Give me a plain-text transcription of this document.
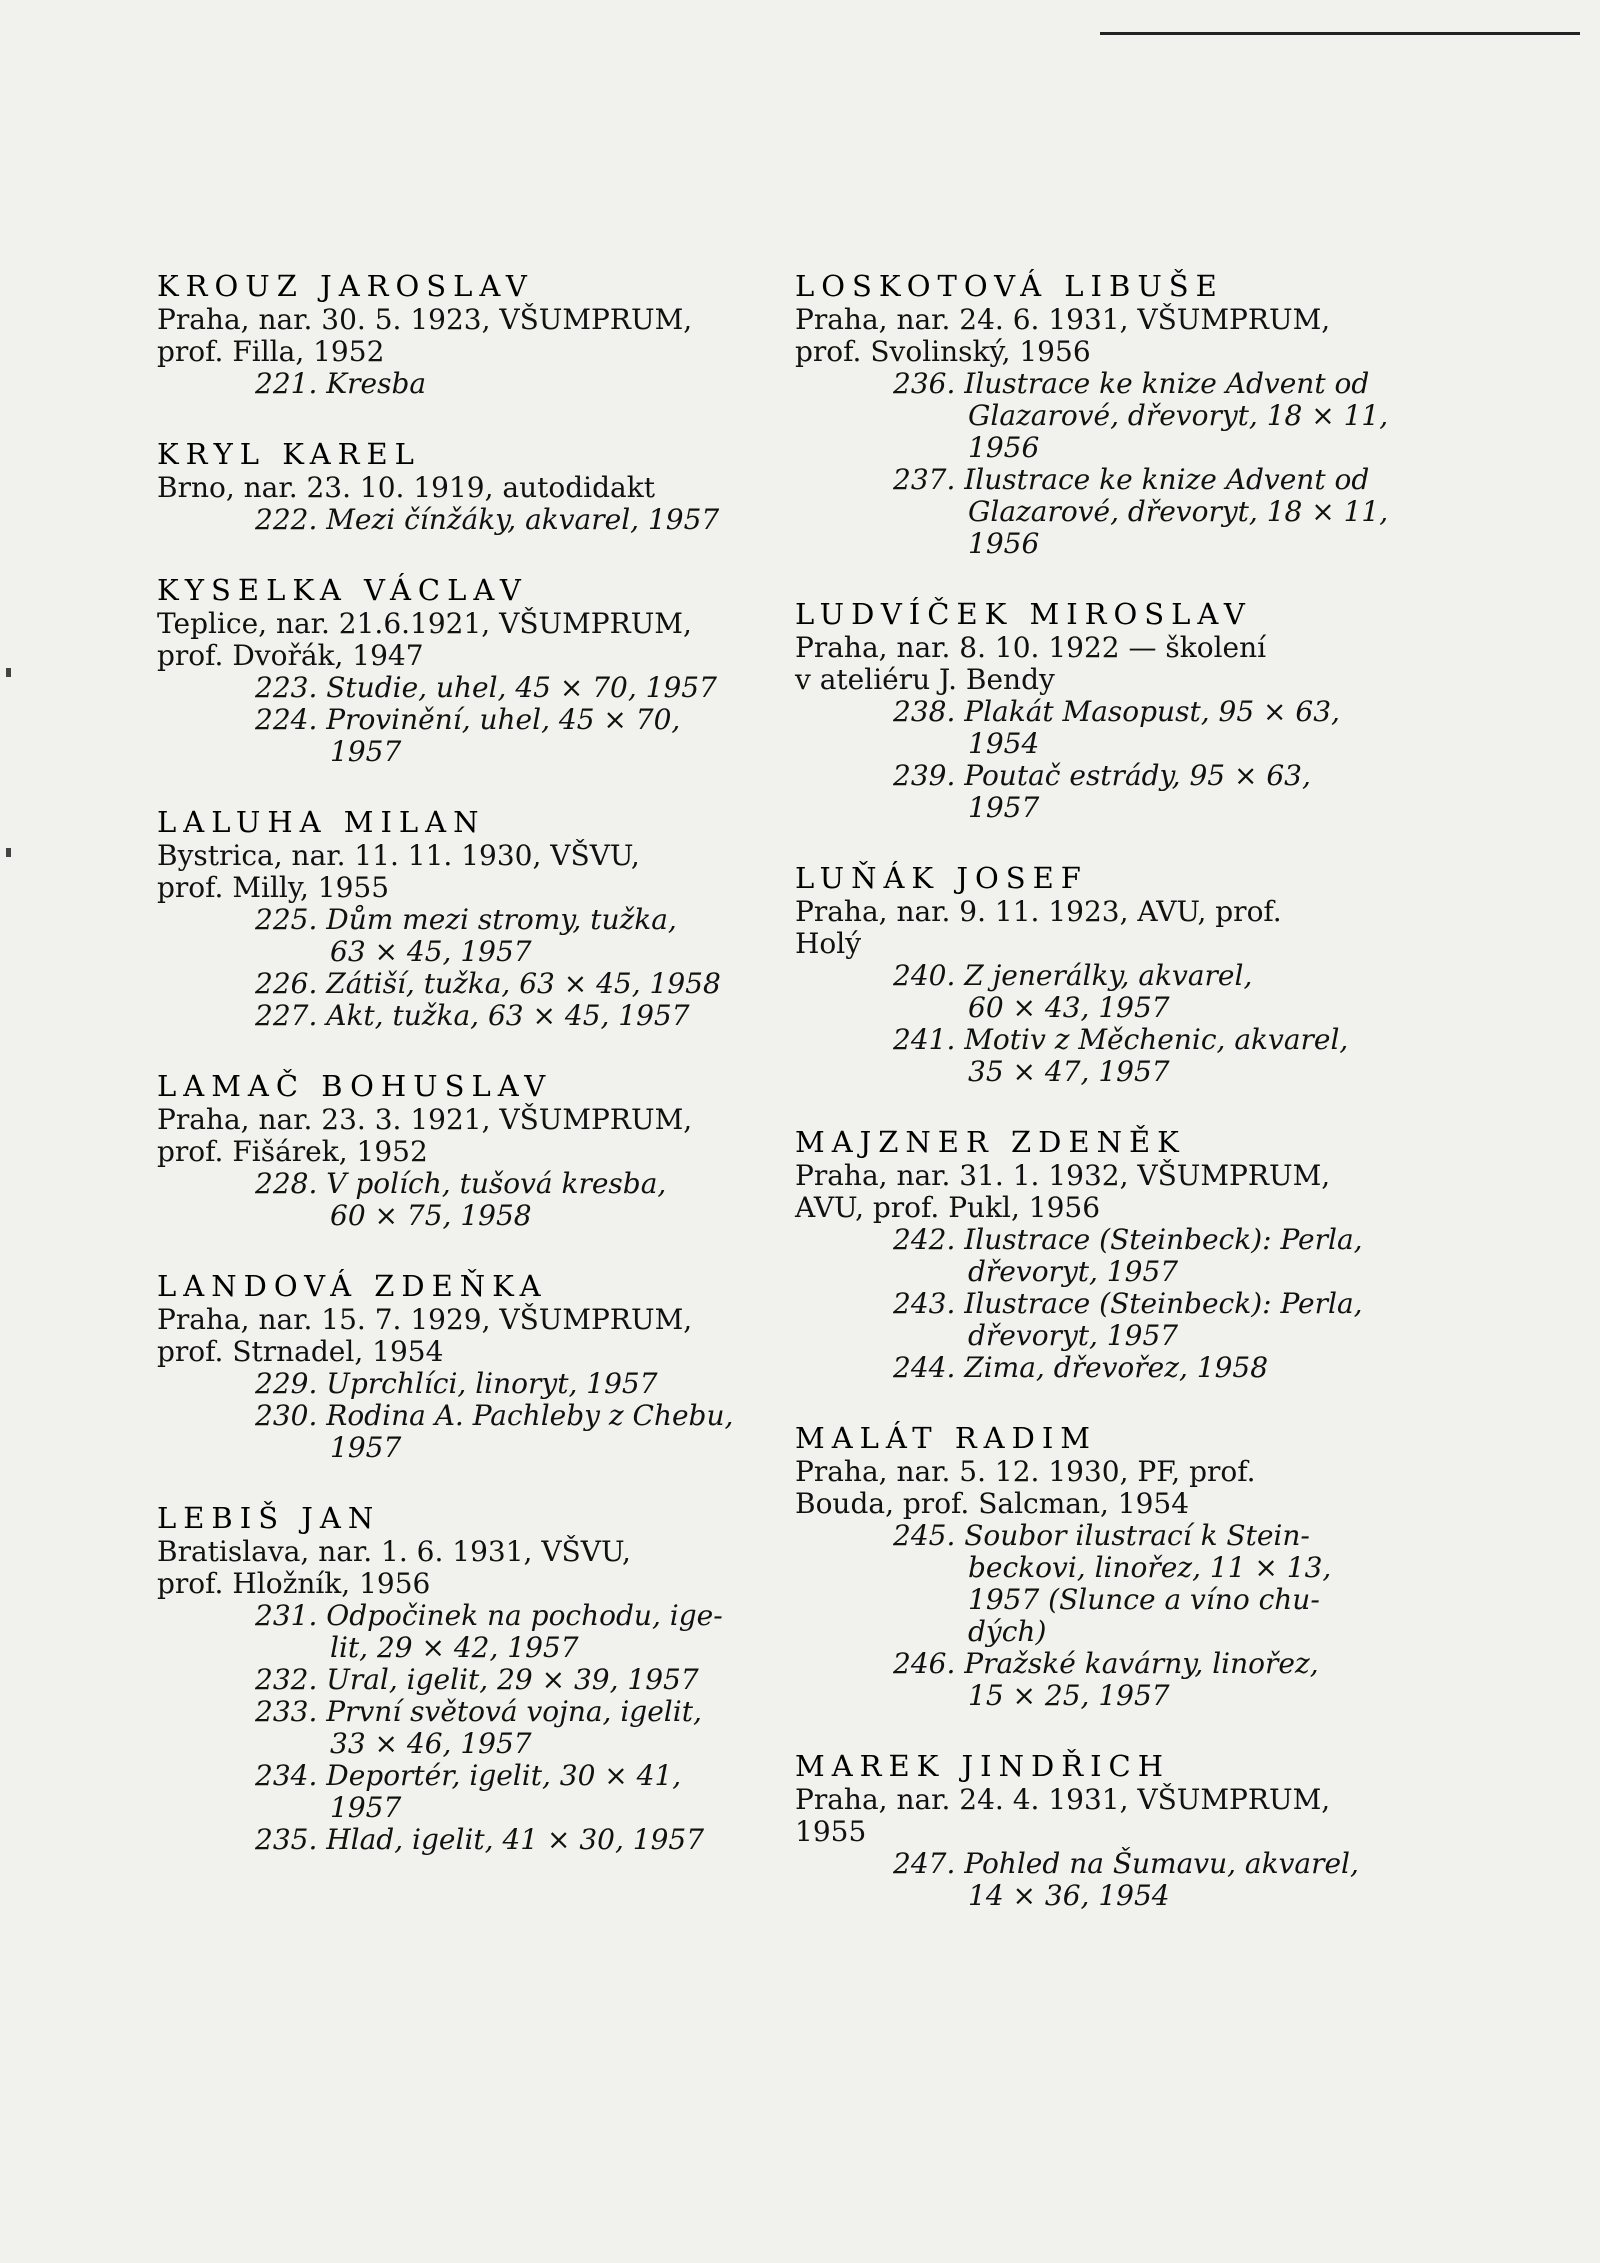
KROUZ JAROSLAV
Praha, nar. 30. 5. 1923, VŠUMPRUM,
prof. Filla, 1952
221. Kresba
KRYL KAREL
Brno, nar. 23. 10. 1919, autodidakt
222. Mezi čínžáky, akvarel, 1957
KYSELKA VÁCLAV
Teplice, nar. 21.6.1921, VŠUMPRUM,
prof. Dvořák, 1947
223. Studie, uhel, 45 × 70, 1957
224. Provinění, uhel, 45 × 70,
1957
LALUHA MILAN
Bystrica, nar. 11. 11. 1930, VŠVU,
prof. Milly, 1955
225. Dům mezi stromy, tužka,
63 × 45, 1957
226. Zátiší, tužka, 63 × 45, 1958
227. Akt, tužka, 63 × 45, 1957
LAMAČ BOHUSLAV
Praha, nar. 23. 3. 1921, VŠUMPRUM,
prof. Fišárek, 1952
228. V polích, tušová kresba,
60 × 75, 1958
LANDOVÁ ZDEŇKA
Praha, nar. 15. 7. 1929, VŠUMPRUM,
prof. Strnadel, 1954
229. Uprchlíci, linoryt, 1957
230. Rodina A. Pachleby z Chebu,
1957
LEBIŠ JAN
Bratislava, nar. 1. 6. 1931, VŠVU,
prof. Hložník, 1956
231. Odpočinek na pochodu, ige-
lit, 29 × 42, 1957
232. Ural, igelit, 29 × 39, 1957
233. První světová vojna, igelit,
33 × 46, 1957
234. Deportér, igelit, 30 × 41,
1957
235. Hlad, igelit, 41 × 30, 1957
LOSKOTOVÁ LIBUŠE
Praha, nar. 24. 6. 1931, VŠUMPRUM,
prof. Svolinský, 1956
236. Ilustrace ke knize Advent od
Glazarové, dřevoryt, 18 × 11,
1956
237. Ilustrace ke knize Advent od
Glazarové, dřevoryt, 18 × 11,
1956
LUDVÍČEK MIROSLAV
Praha, nar. 8. 10. 1922 — školení
v ateliéru J. Bendy
238. Plakát Masopust, 95 × 63,
1954
239. Poutač estrády, 95 × 63,
1957
LUŇÁK JOSEF
Praha, nar. 9. 11. 1923, AVU, prof.
Holý
240. Z jenerálky, akvarel,
60 × 43, 1957
241. Motiv z Měchenic, akvarel,
35 × 47, 1957
MAJZNER ZDENĚK
Praha, nar. 31. 1. 1932, VŠUMPRUM,
AVU, prof. Pukl, 1956
242. Ilustrace (Steinbeck): Perla,
dřevoryt, 1957
243. Ilustrace (Steinbeck): Perla,
dřevoryt, 1957
244. Zima, dřevořez, 1958
MALÁT RADIM
Praha, nar. 5. 12. 1930, PF, prof.
Bouda, prof. Salcman, 1954
245. Soubor ilustrací k Stein-
beckovi, linořez, 11 × 13,
1957 (Slunce a víno chu-
dých)
246. Pražské kavárny, linořez,
15 × 25, 1957
MAREK JINDŘICH
Praha, nar. 24. 4. 1931, VŠUMPRUM,
1955
247. Pohled na Šumavu, akvarel,
14 × 36, 1954
